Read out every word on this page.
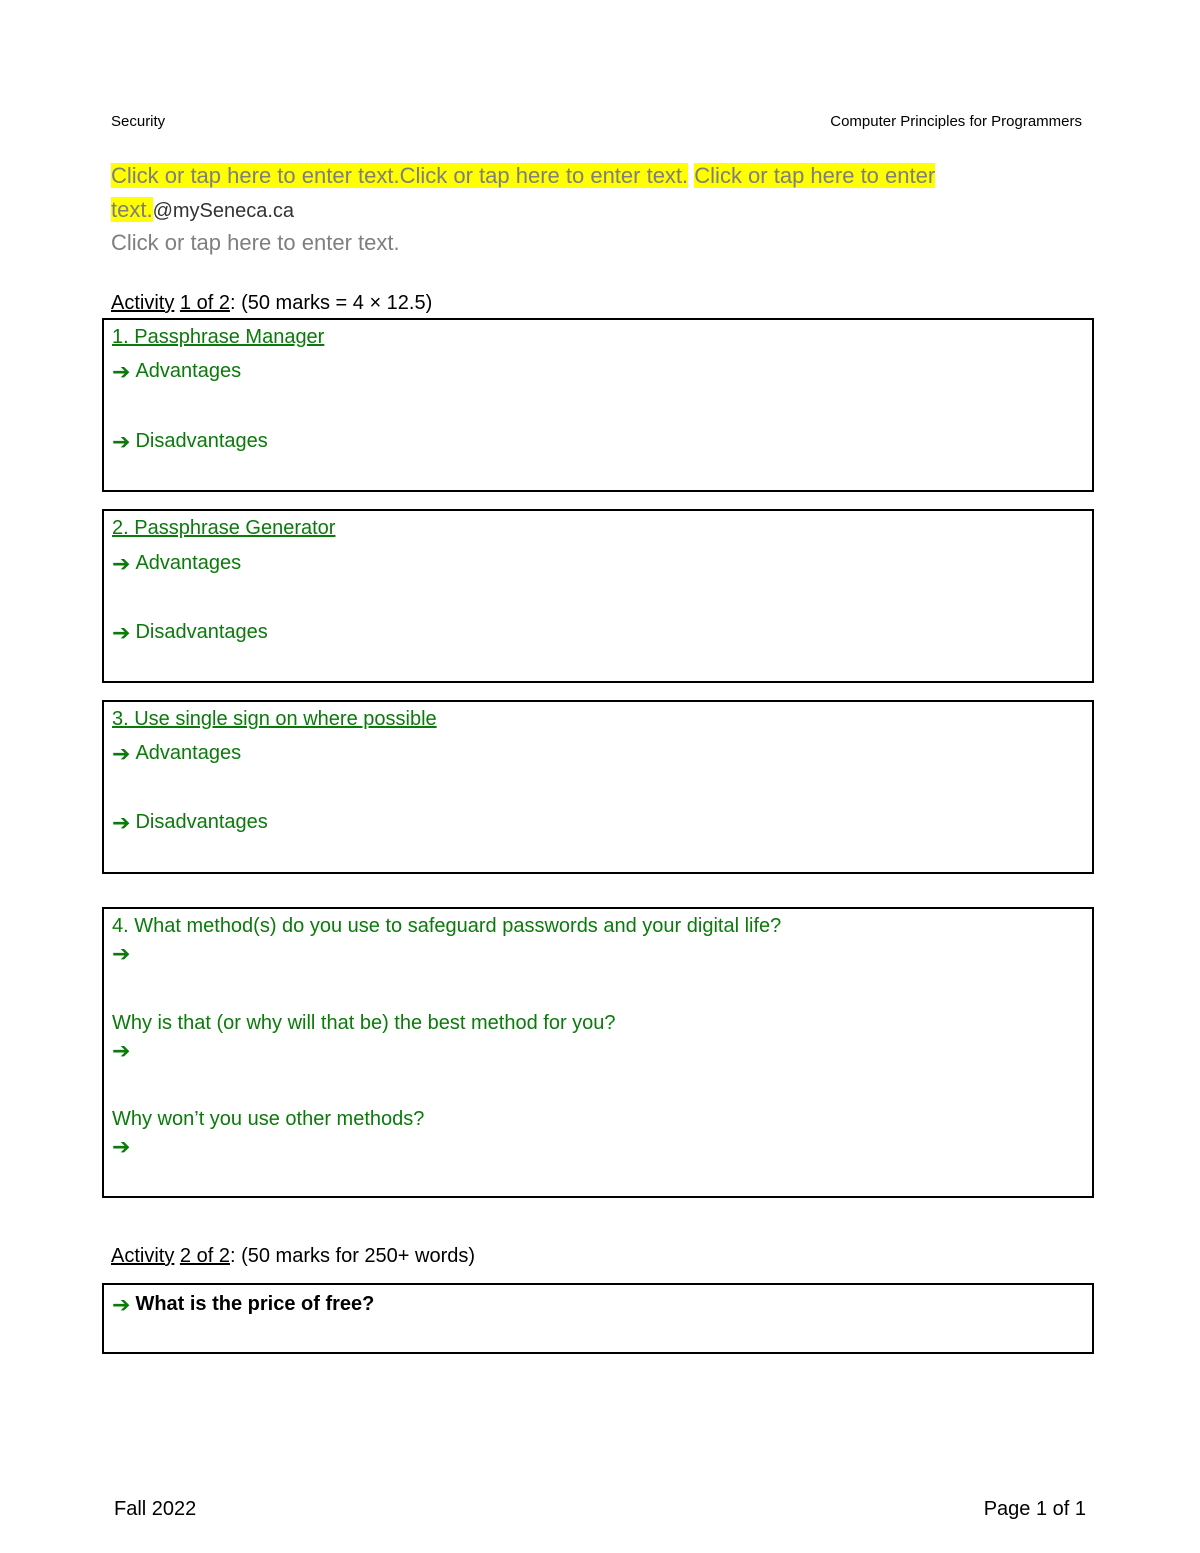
Security	Computer Principles for Programmers
Click or tap here to enter text.Click or tap here to enter text. Click or tap here to enter
text.@mySeneca.ca
Click or tap here to enter text.
Activity 1 of 2: (50 marks = 4 × 12.5)
1. Passphrase Manager
➔ Advantages
➔ Disadvantages
2. Passphrase Generator
➔ Advantages
➔ Disadvantages
3. Use single sign on where possible
➔ Advantages
➔ Disadvantages
4. What method(s) do you use to safeguard passwords and your digital life?
➔
Why is that (or why will that be) the best method for you?
➔
Why won’t you use other methods?
➔
Activity 2 of 2: (50 marks for 250+ words)
➔ What is the price of free?
Fall 2022	Page 1 of 1
